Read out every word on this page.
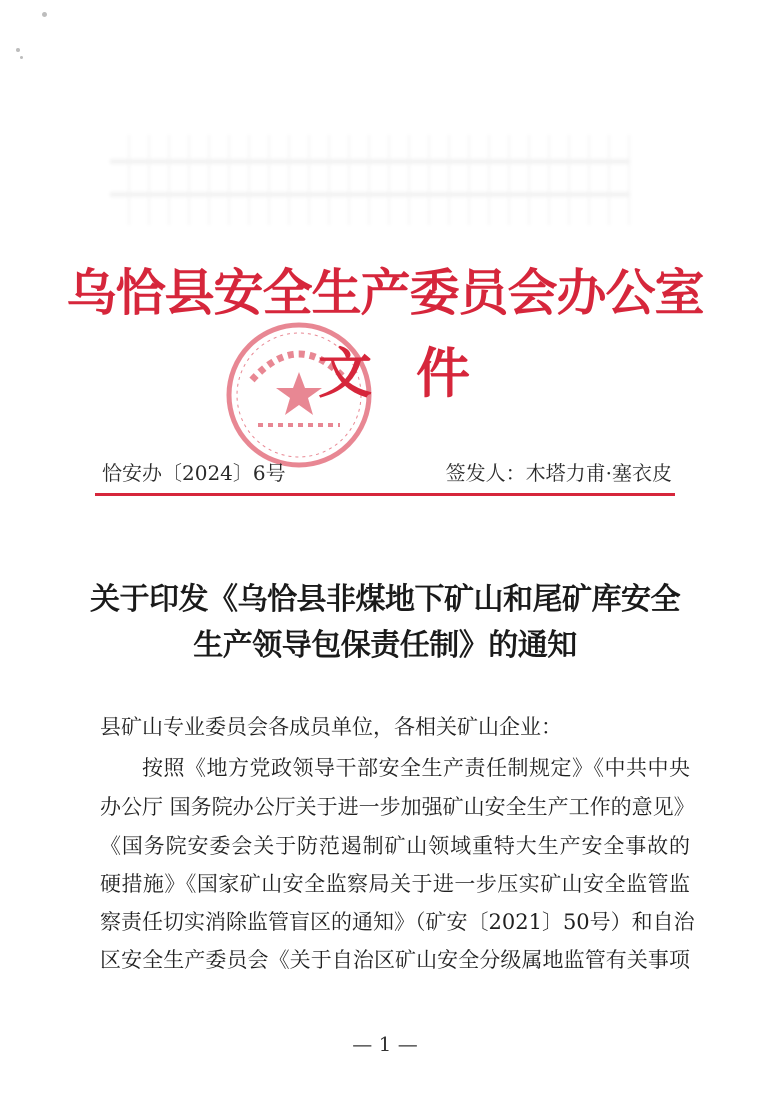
乌恰县安全生产委员会办公室
文件
恰安办〔2024〕6号	签发人：木塔力甫·塞衣皮
关于印发《乌恰县非煤地下矿山和尾矿库安全
生产领导包保责任制》的通知
县矿山专业委员会各成员单位，各相关矿山企业：
按照《地方党政领导干部安全生产责任制规定》《中共中央
办公厅 国务院办公厅关于进一步加强矿山安全生产工作的意见》
《国务院安委会关于防范遏制矿山领域重特大生产安全事故的
硬措施》《国家矿山安全监察局关于进一步压实矿山安全监管监
察责任切实消除监管盲区的通知》（矿安〔2021〕50号）和自治
区安全生产委员会《关于自治区矿山安全分级属地监管有关事项
— 1 —
